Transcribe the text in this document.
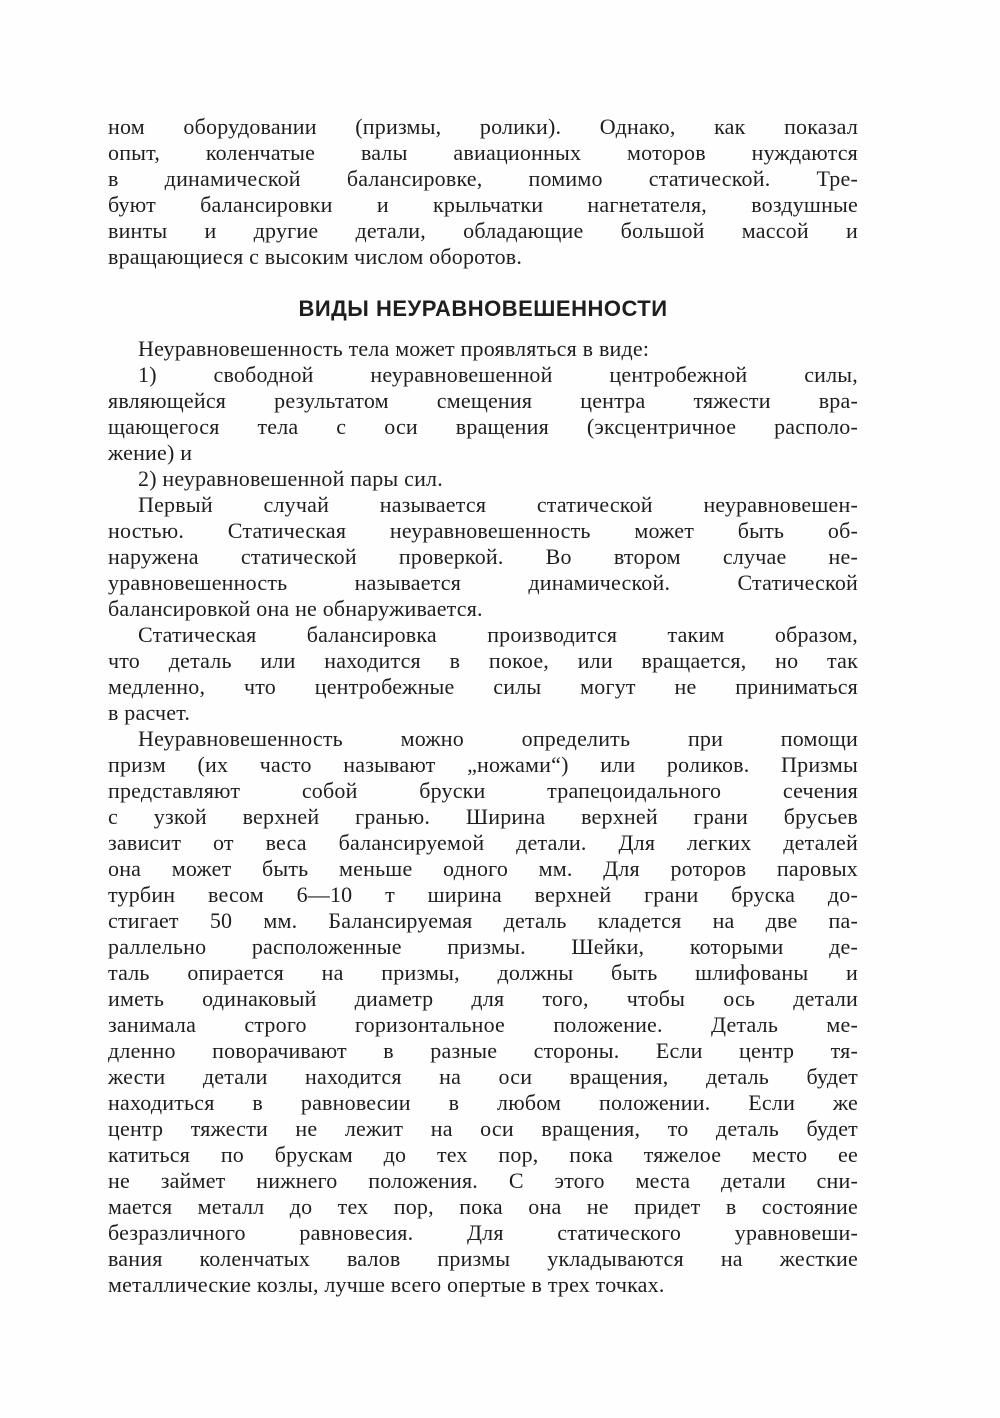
ном оборудовании (призмы, ролики). Однако, как показал
опыт, коленчатые валы авиационных моторов нуждаются
в динамической балансировке, помимо статической. Тре-
буют балансировки и крыльчатки нагнетателя, воздушные
винты и другие детали, обладающие большой массой и
вращающиеся с высоким числом оборотов.
ВИДЫ НЕУРАВНОВЕШЕННОСТИ
Неуравновешенность тела может проявляться в виде:
1) свободной неуравновешенной центробежной силы,
являющейся результатом смещения центра тяжести вра-
щающегося тела с оси вращения (эксцентричное располо-
жение) и
2) неуравновешенной пары сил.
Первый случай называется статической неуравновешен-
ностью. Статическая неуравновешенность может быть об-
наружена статической проверкой. Во втором случае не-
уравновешенность называется динамической. Статической
балансировкой она не обнаруживается.
Статическая балансировка производится таким образом,
что деталь или находится в покое, или вращается, но так
медленно, что центробежные силы могут не приниматься
в расчет.
Неуравновешенность можно определить при помощи
призм (их часто называют „ножами“) или роликов. Призмы
представляют собой бруски трапецоидального сечения
с узкой верхней гранью. Ширина верхней грани брусьев
зависит от веса балансируемой детали. Для легких деталей
она может быть меньше одного мм. Для роторов паровых
турбин весом 6—10 т ширина верхней грани бруска до-
стигает 50 мм. Балансируемая деталь кладется на две па-
раллельно расположенные призмы. Шейки, которыми де-
таль опирается на призмы, должны быть шлифованы и
иметь одинаковый диаметр для того, чтобы ось детали
занимала строго горизонтальное положение. Деталь ме-
дленно поворачивают в разные стороны. Если центр тя-
жести детали находится на оси вращения, деталь будет
находиться в равновесии в любом положении. Если же
центр тяжести не лежит на оси вращения, то деталь будет
катиться по брускам до тех пор, пока тяжелое место ее
не займет нижнего положения. С этого места детали сни-
мается металл до тех пор, пока она не придет в состояние
безразличного равновесия. Для статического уравновеши-
вания коленчатых валов призмы укладываются на жесткие
металлические козлы, лучше всего опертые в трех точках.
